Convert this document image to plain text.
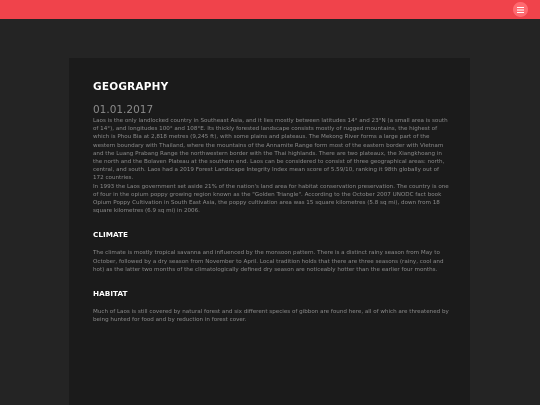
GEOGRAPHY
01.01.2017

Laos is the only landlocked country in Southeast Asia, and it lies mostly between latitudes 14° and 23°N (a small area is south of 14°), and longitudes 100° and 108°E. Its thickly forested landscape consists mostly of rugged mountains, the highest of which is Phou Bia at 2,818 metres (9,245 ft), with some plains and plateaus. The Mekong River forms a large part of the western boundary with Thailand, where the mountains of the Annamite Range form most of the eastern border with Vietnam and the Luang Prabang Range the northwestern border with the Thai highlands. There are two plateaux, the Xiangkhoang in the north and the Bolaven Plateau at the southern end. Laos can be considered to consist of three geographical areas: north, central, and south. Laos had a 2019 Forest Landscape Integrity Index mean score of 5.59/10, ranking it 98th globally out of 172 countries.

In 1993 the Laos government set aside 21% of the nation's land area for habitat conservation preservation. The country is one of four in the opium poppy growing region known as the "Golden Triangle". According to the October 2007 UNODC fact book Opium Poppy Cultivation in South East Asia, the poppy cultivation area was 15 square kilometres (5.8 sq mi), down from 18 square kilometres (6.9 sq mi) in 2006.

CLIMATE

The climate is mostly tropical savanna and influenced by the monsoon pattern. There is a distinct rainy season from May to October, followed by a dry season from November to April. Local tradition holds that there are three seasons (rainy, cool and hot) as the latter two months of the climatologically defined dry season are noticeably hotter than the earlier four months.

HABITAT

Much of Laos is still covered by natural forest and six different species of gibbon are found here, all of which are threatened by being hunted for food and by reduction in forest cover.
